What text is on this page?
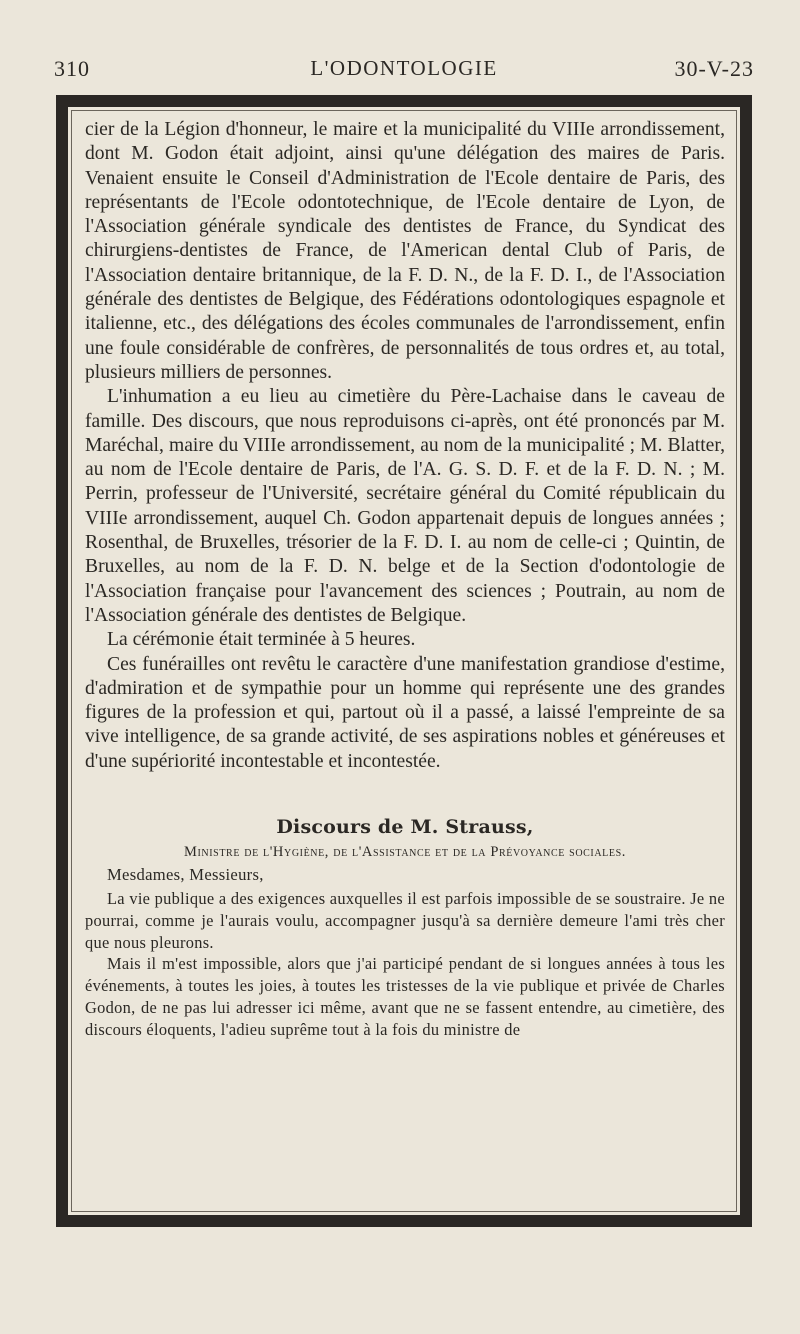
310	L'ODONTOLOGIE	30-V-23

cier de la Légion d'honneur, le maire et la municipalité du VIIIe arrondissement, dont M. Godon était adjoint, ainsi qu'une délégation des maires de Paris. Venaient ensuite le Conseil d'Administration de l'Ecole dentaire de Paris, des représentants de l'Ecole odontotechnique, de l'Ecole dentaire de Lyon, de l'Association générale syndicale des dentistes de France, du Syndicat des chirurgiens-dentistes de France, de l'American dental Club of Paris, de l'Association dentaire britannique, de la F. D. N., de la F. D. I., de l'Association générale des dentistes de Belgique, des Fédérations odontologiques espagnole et italienne, etc., des délégations des écoles communales de l'arrondissement, enfin une foule considérable de confrères, de personnalités de tous ordres et, au total, plusieurs milliers de personnes.

L'inhumation a eu lieu au cimetière du Père-Lachaise dans le caveau de famille. Des discours, que nous reproduisons ci-après, ont été prononcés par M. Maréchal, maire du VIIIe arrondissement, au nom de la municipalité ; M. Blatter, au nom de l'Ecole dentaire de Paris, de l'A. G. S. D. F. et de la F. D. N. ; M. Perrin, professeur de l'Université, secrétaire général du Comité républicain du VIIIe arrondissement, auquel Ch. Godon appartenait depuis de longues années ; Rosenthal, de Bruxelles, trésorier de la F. D. I. au nom de celle-ci ; Quintin, de Bruxelles, au nom de la F. D. N. belge et de la Section d'odontologie de l'Association française pour l'avancement des sciences ; Poutrain, au nom de l'Association générale des dentistes de Belgique.

La cérémonie était terminée à 5 heures.

Ces funérailles ont revêtu le caractère d'une manifestation grandiose d'estime, d'admiration et de sympathie pour un homme qui représente une des grandes figures de la profession et qui, partout où il a passé, a laissé l'empreinte de sa vive intelligence, de sa grande activité, de ses aspirations nobles et généreuses et d'une supériorité incontestable et incontestée.

Discours de M. Strauss,
Ministre de l'Hygiène, de l'Assistance et de la Prévoyance sociales.
Mesdames, Messieurs,

La vie publique a des exigences auxquelles il est parfois impossible de se soustraire. Je ne pourrai, comme je l'aurais voulu, accompagner jusqu'à sa dernière demeure l'ami très cher que nous pleurons.

Mais il m'est impossible, alors que j'ai participé pendant de si longues années à tous les événements, à toutes les joies, à toutes les tristesses de la vie publique et privée de Charles Godon, de ne pas lui adresser ici même, avant que ne se fassent entendre, au cimetière, des discours éloquents, l'adieu suprême tout à la fois du ministre de
